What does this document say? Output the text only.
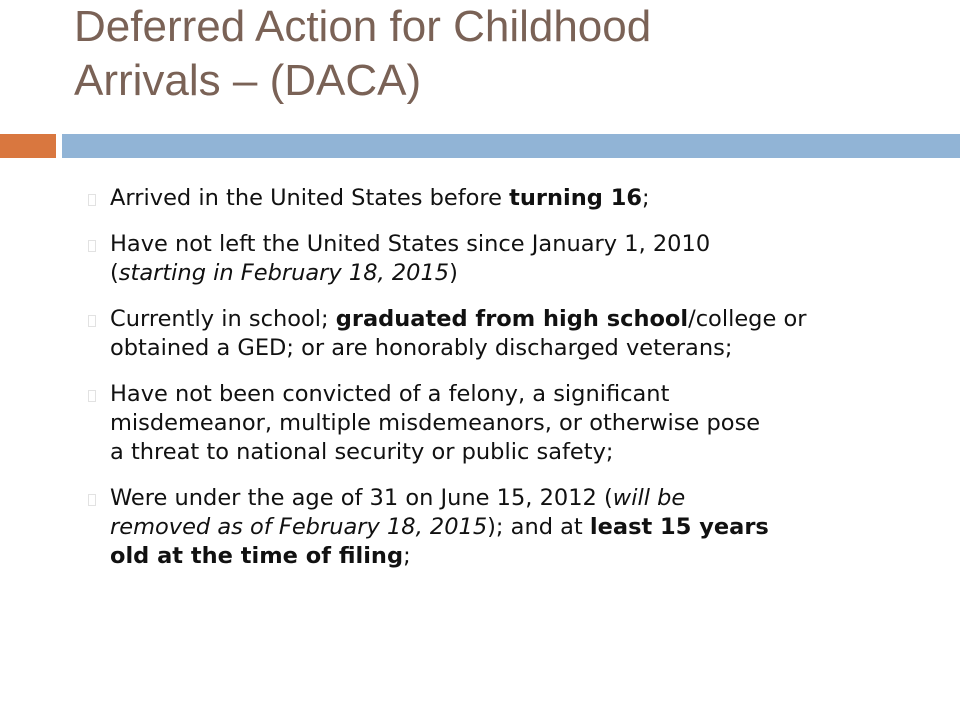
Deferred Action for Childhood
Arrivals – (DACA)
Arrived in the United States before turning 16;
Have not left the United States since January 1, 2010
(starting in February 18, 2015)
Currently in school; graduated from high school/college or
obtained a GED; or are honorably discharged veterans;
Have not been convicted of a felony, a significant
misdemeanor, multiple misdemeanors, or otherwise pose
a threat to national security or public safety;
Were under the age of 31 on June 15, 2012 (will be
removed as of February 18, 2015); and at least 15 years
old at the time of filing;
